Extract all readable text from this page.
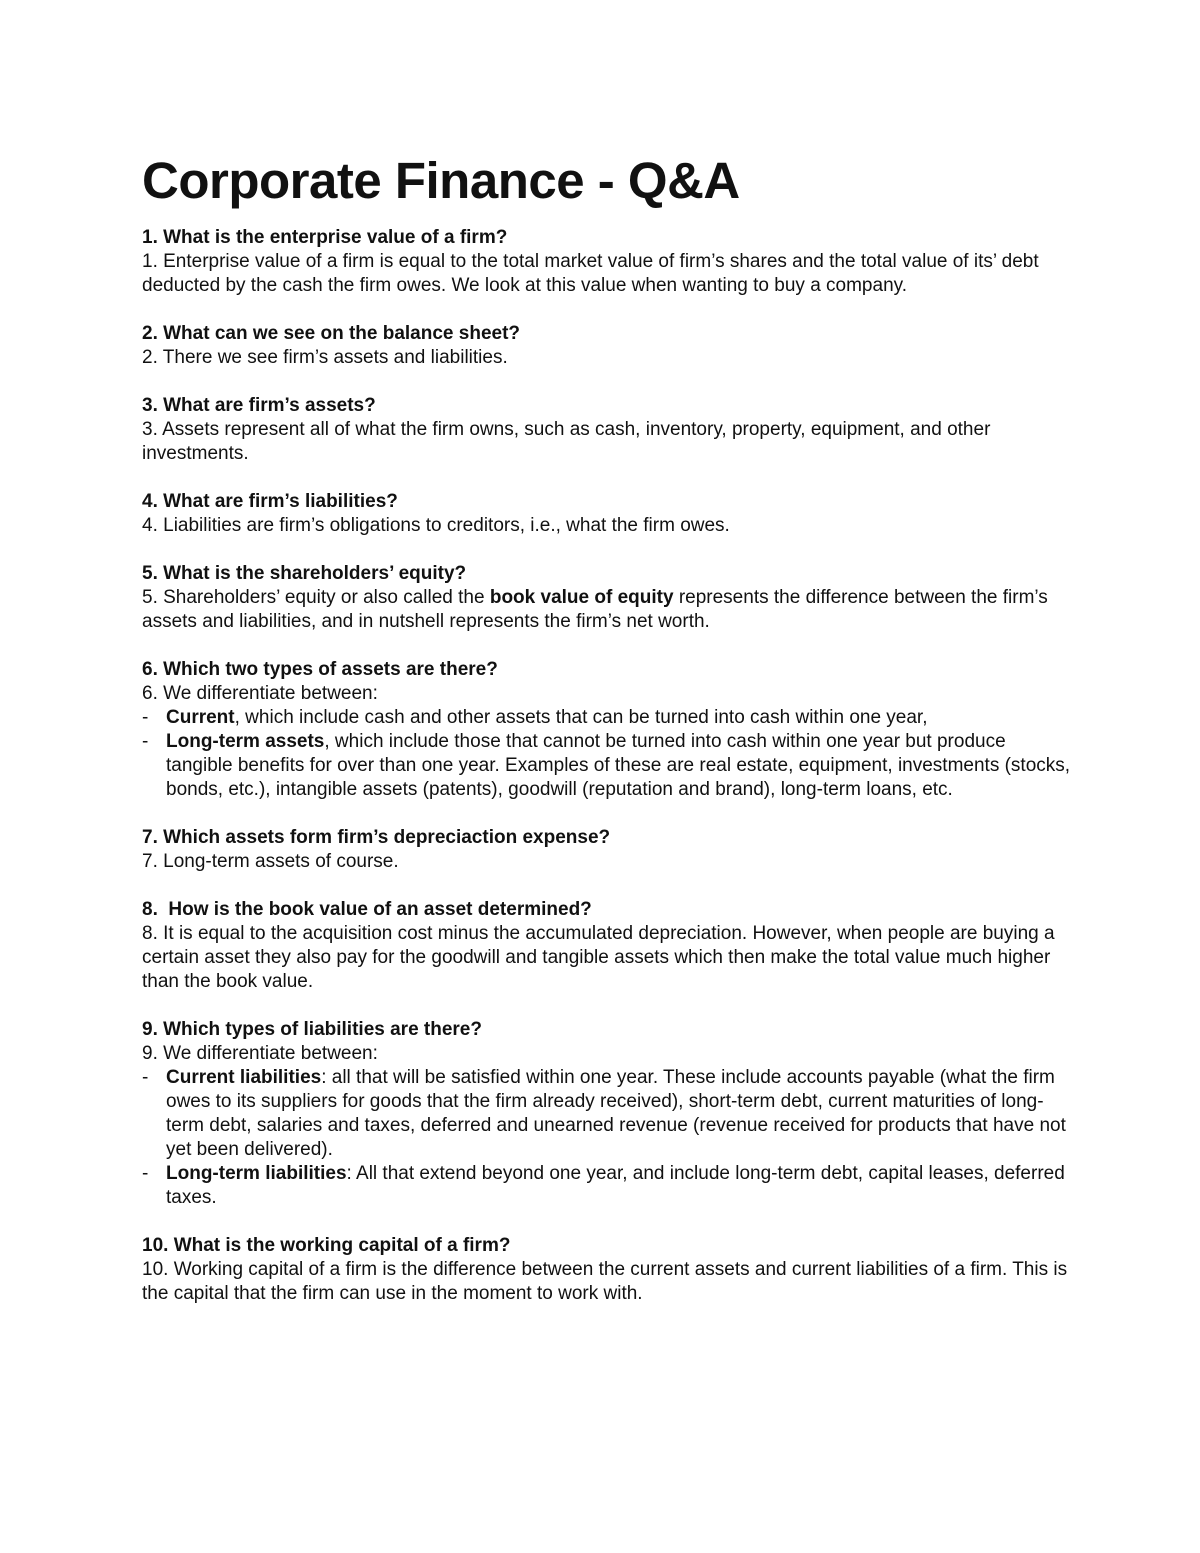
Corporate Finance - Q&A
1. What is the enterprise value of a firm?
1. Enterprise value of a firm is equal to the total market value of firm’s shares and the total value of its’ debt deducted by the cash the firm owes. We look at this value when wanting to buy a company.
2. What can we see on the balance sheet?
2. There we see firm’s assets and liabilities.
3. What are firm’s assets?
3. Assets represent all of what the firm owns, such as cash, inventory, property, equipment, and other investments.
4. What are firm’s liabilities?
4. Liabilities are firm’s obligations to creditors, i.e., what the firm owes.
5. What is the shareholders’ equity?
5. Shareholders’ equity or also called the book value of equity represents the difference between the firm’s assets and liabilities, and in nutshell represents the firm’s net worth.
6. Which two types of assets are there?
6. We differentiate between:
- Current, which include cash and other assets that can be turned into cash within one year,
- Long-term assets, which include those that cannot be turned into cash within one year but produce tangible benefits for over than one year. Examples of these are real estate, equipment, investments (stocks, bonds, etc.), intangible assets (patents), goodwill (reputation and brand), long-term loans, etc.
7. Which assets form firm’s depreciaction expense?
7. Long-term assets of course.
8.  How is the book value of an asset determined?
8. It is equal to the acquisition cost minus the accumulated depreciation. However, when people are buying a certain asset they also pay for the goodwill and tangible assets which then make the total value much higher than the book value.
9. Which types of liabilities are there?
9. We differentiate between:
- Current liabilities: all that will be satisfied within one year. These include accounts payable (what the firm owes to its suppliers for goods that the firm already received), short-term debt, current maturities of long-term debt, salaries and taxes, deferred and unearned revenue (revenue received for products that have not yet been delivered).
- Long-term liabilities: All that extend beyond one year, and include long-term debt, capital leases, deferred taxes.
10. What is the working capital of a firm?
10. Working capital of a firm is the difference between the current assets and current liabilities of a firm. This is the capital that the firm can use in the moment to work with.
